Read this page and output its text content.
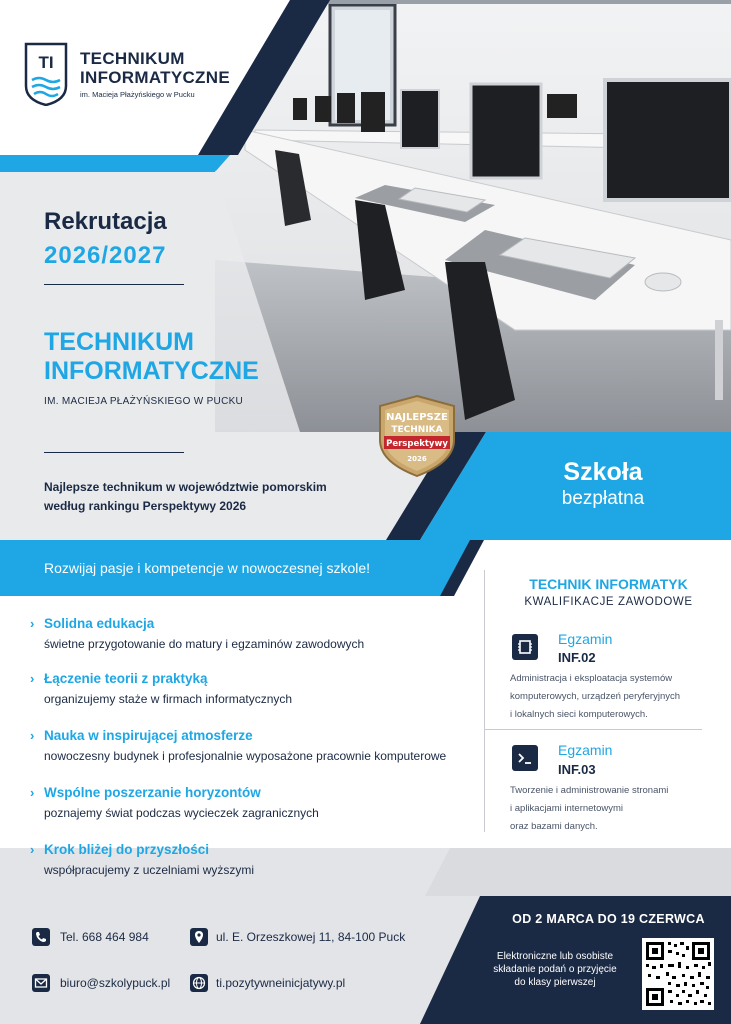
TI TECHNIKUM
INFORMATYCZNE
im. Macieja Płażyńskiego w Pucku
Rekrutacja
2026/2027
TECHNIKUM
INFORMATYCZNE
IM. MACIEJA PŁAŻYŃSKIEGO W PUCKU
Najlepsze technikum w województwie pomorskim
według rankingu Perspektywy 2026
NAJLEPSZE
TECHNIKA
Perspektywy
2026	Szkoła
bezpłatna
Rozwijaj pasje i kompetencje w nowoczesnej szkole!
› Solidna edukacja
świetne przygotowanie do matury i egzaminów zawodowych
› Łączenie teorii z praktyką
organizujemy staże w firmach informatycznych
› Nauka w inspirującej atmosferze
nowoczesny budynek i profesjonalnie wyposażone pracownie komputerowe
› Wspólne poszerzanie horyzontów
poznajemy świat podczas wycieczek zagranicznych
› Krok bliżej do przyszłości
współpracujemy z uczelniami wyższymi
TECHNIK INFORMATYK
KWALIFIKACJE ZAWODOWE
Egzamin
INF.02
Administracja i eksploatacja systemów
komputerowych, urządzeń peryferyjnych
i lokalnych sieci komputerowych.
Egzamin
INF.03
Tworzenie i administrowanie stronami
i aplikacjami internetowymi
oraz bazami danych.
Tel. 668 464 984	ul. E. Orzeszkowej 11, 84-100 Puck
biuro@szkolypuck.pl	ti.pozytywneinicjatywy.pl
OD 2 MARCA DO 19 CZERWCA
Elektroniczne lub osobiste
składanie podań o przyjęcie
do klasy pierwszej
